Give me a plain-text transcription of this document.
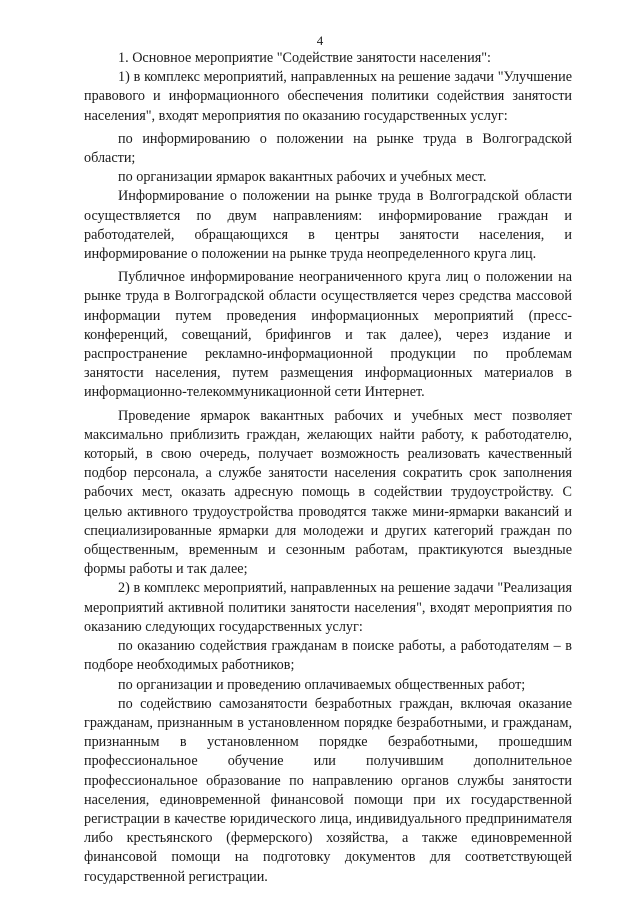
4

1. Основное мероприятие "Содействие занятости населения":

1) в комплекс мероприятий, направленных на решение задачи "Улучшение правового и информационного обеспечения политики содействия занятости населения", входят мероприятия по оказанию государственных услуг:

по информированию о положении на рынке труда в Волгоградской области;

по организации ярмарок вакантных рабочих и учебных мест.

Информирование о положении на рынке труда в Волгоградской области осуществляется по двум направлениям: информирование граждан и работодателей, обращающихся в центры занятости населения, и информирование о положении на рынке труда неопределенного круга лиц.

Публичное информирование неограниченного круга лиц о положении на рынке труда в Волгоградской области осуществляется через средства массовой информации путем проведения информационных мероприятий (пресс-конференций, совещаний, брифингов и так далее), через издание и распространение рекламно-информационной продукции по проблемам занятости населения, путем размещения информационных материалов в информационно-телекоммуникационной сети Интернет.

Проведение ярмарок вакантных рабочих и учебных мест позволяет максимально приблизить граждан, желающих найти работу, к работодателю, который, в свою очередь, получает возможность реализовать качественный подбор персонала, а службе занятости населения сократить срок заполнения рабочих мест, оказать адресную помощь в содействии трудоустройству. С целью активного трудоустройства проводятся также мини-ярмарки вакансий и специализированные ярмарки для молодежи и других категорий граждан по общественным, временным и сезонным работам, практикуются выездные формы работы и так далее;

2) в комплекс мероприятий, направленных на решение задачи "Реализация мероприятий активной политики занятости населения", входят мероприятия по оказанию следующих государственных услуг:

по оказанию содействия гражданам в поиске работы, а работодателям – в подборе необходимых работников;

по организации и проведению оплачиваемых общественных работ;

по содействию самозанятости безработных граждан, включая оказание гражданам, признанным в установленном порядке безработными, и гражданам, признанным в установленном порядке безработными, прошедшим профессиональное обучение или получившим дополнительное профессиональное образование по направлению органов службы занятости населения, единовременной финансовой помощи при их государственной регистрации в качестве юридического лица, индивидуального предпринимателя либо крестьянского (фермерского) хозяйства, а также единовременной финансовой помощи на подготовку документов для соответствующей государственной регистрации.
